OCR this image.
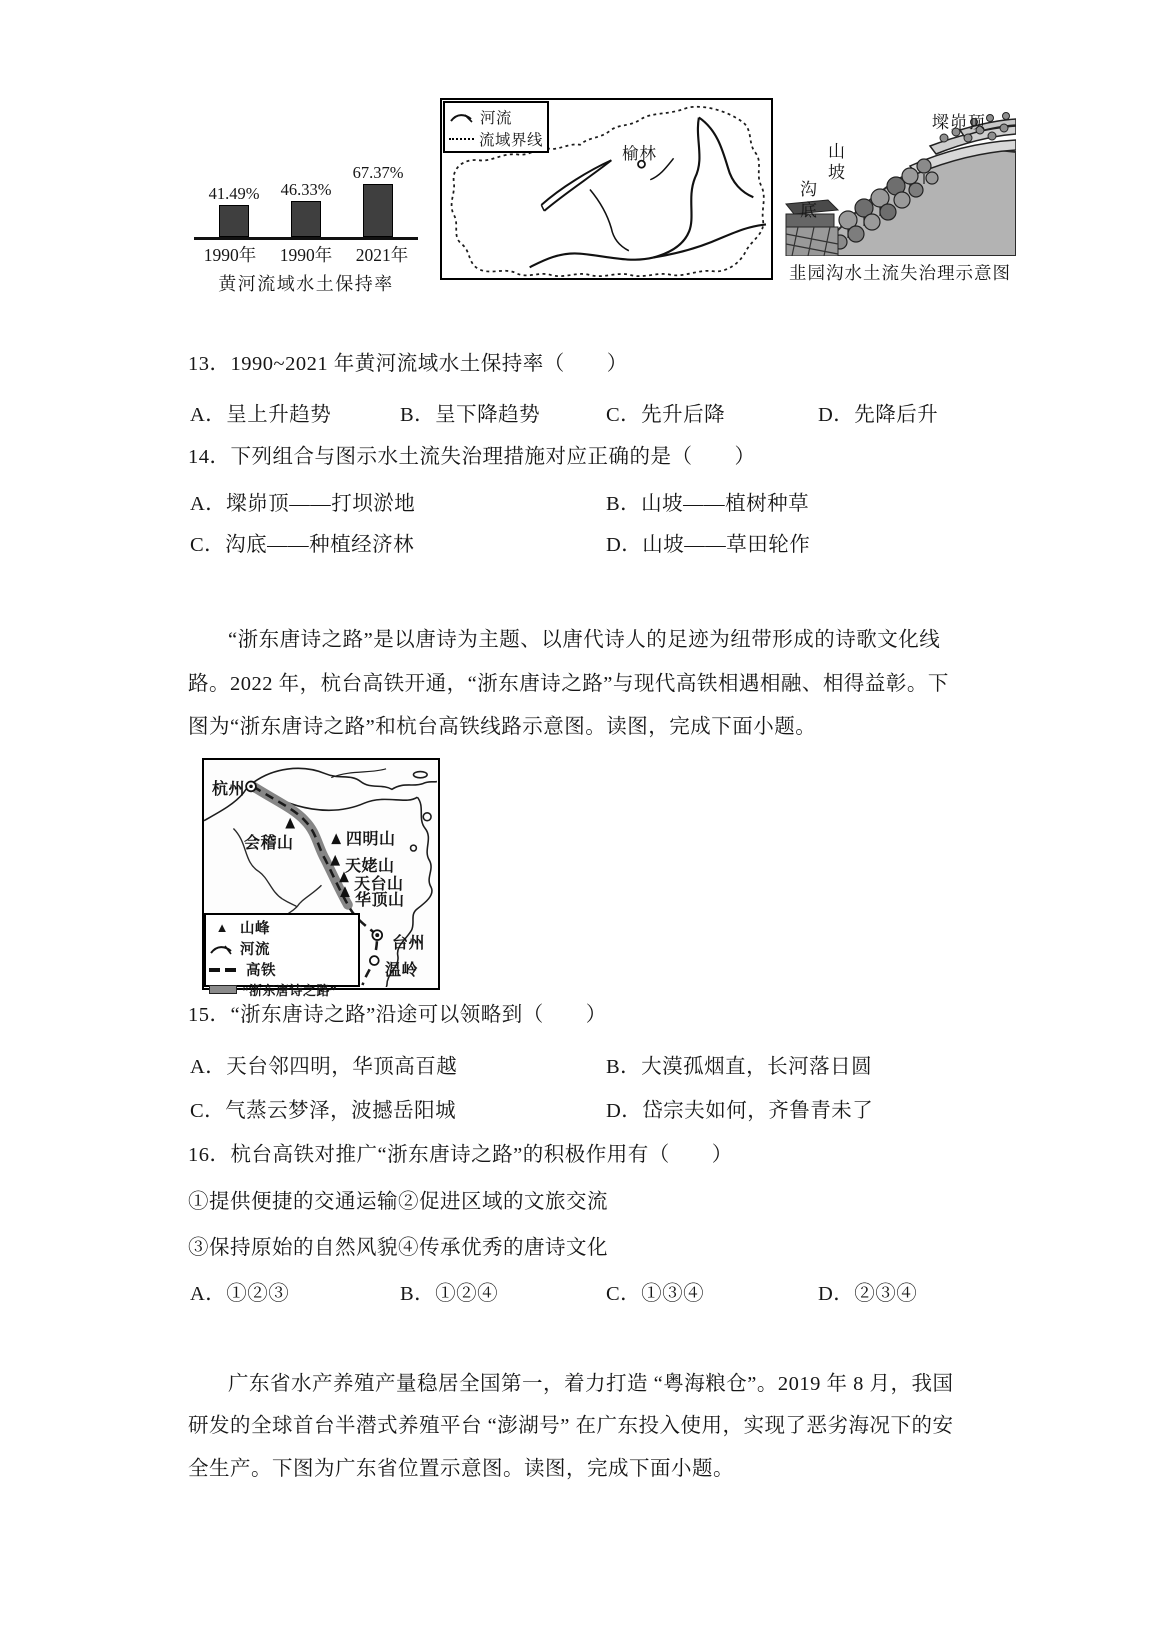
41.49% 46.33%
67.37%
1990年	1990年	2021年
黄河流域水土保持率
河流
流域界线
榆林
墚峁顶
山坡
沟底
韭园沟水土流失治理示意图
13．1990~2021 年黄河流域水土保持率（　　）
A．呈上升趋势	B．呈下降趋势	C．先升后降	D．先降后升
14．下列组合与图示水土流失治理措施对应正确的是（　　）
A．墚峁顶——打坝淤地	B．山坡——植树种草
C．沟底——种植经济林	D．山坡——草田轮作
“浙东唐诗之路”是以唐诗为主题、以唐代诗人的足迹为纽带形成的诗歌文化线
路。2022 年，杭台高铁开通，“浙东唐诗之路”与现代高铁相遇相融、相得益彰。下
图为“浙东唐诗之路”和杭台高铁线路示意图。读图，完成下面小题。
杭州
会稽山	四明山
天姥山
天台山
华顶山
台州
温岭
▲ 山峰
河流
高铁
“浙东唐诗之路”
15．“浙东唐诗之路”沿途可以领略到（　　）
A．天台邻四明，华顶高百越	B．大漠孤烟直，长河落日圆
C．气蒸云梦泽，波撼岳阳城	D．岱宗夫如何，齐鲁青未了
16．杭台高铁对推广“浙东唐诗之路”的积极作用有（　　）
①提供便捷的交通运输②促进区域的文旅交流
③保持原始的自然风貌④传承优秀的唐诗文化
A．①②③	B．①②④	C．①③④	D．②③④
广东省水产养殖产量稳居全国第一，着力打造 “粤海粮仓”。2019 年 8 月，我国
研发的全球首台半潜式养殖平台 “澎湖号” 在广东投入使用，实现了恶劣海况下的安
全生产。下图为广东省位置示意图。读图，完成下面小题。
